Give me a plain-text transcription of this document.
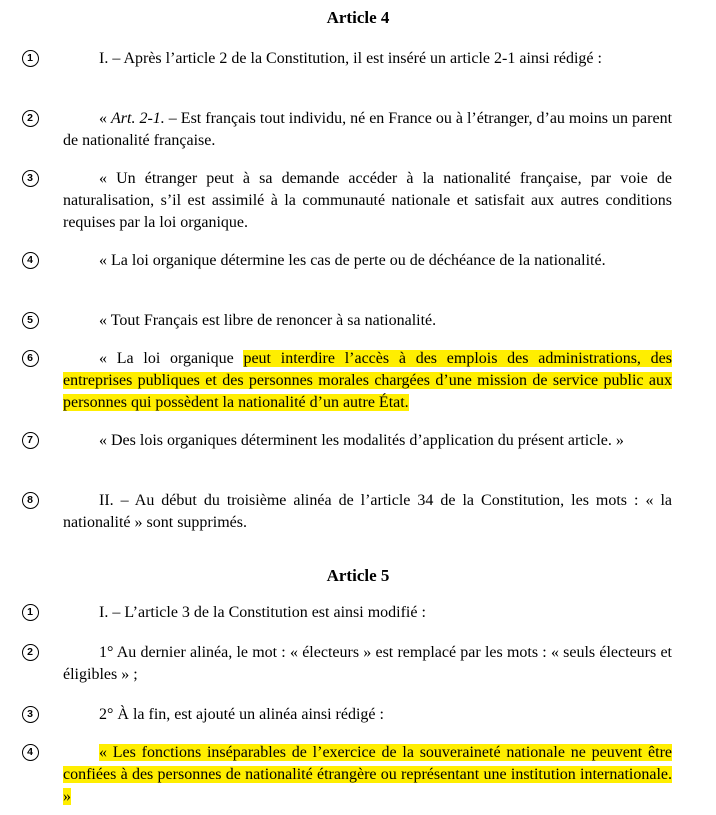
Article 4
1	I. – Après l’article 2 de la Constitution, il est inséré un article 2-1 ainsi rédigé :
2	« Art. 2-1. – Est français tout individu, né en France ou à l’étranger, d’au moins un parent de nationalité française.
3	« Un étranger peut à sa demande accéder à la nationalité française, par voie de naturalisation, s’il est assimilé à la communauté nationale et satisfait aux autres conditions requises par la loi organique.
4	« La loi organique détermine les cas de perte ou de déchéance de la nationalité.
5	« Tout Français est libre de renoncer à sa nationalité.
6	« La loi organique peut interdire l’accès à des emplois des administrations, des entreprises publiques et des personnes morales chargées d’une mission de service public aux personnes qui possèdent la nationalité d’un autre État.
7	« Des lois organiques déterminent les modalités d’application du présent article. »
8	II. – Au début du troisième alinéa de l’article 34 de la Constitution, les mots : « la nationalité » sont supprimés.
Article 5
1	I. – L’article 3 de la Constitution est ainsi modifié :
2	1° Au dernier alinéa, le mot : « électeurs » est remplacé par les mots : « seuls électeurs et éligibles » ;
3	2° À la fin, est ajouté un alinéa ainsi rédigé :
4	« Les fonctions inséparables de l’exercice de la souveraineté nationale ne peuvent être confiées à des personnes de nationalité étrangère ou représentant une institution internationale. »
